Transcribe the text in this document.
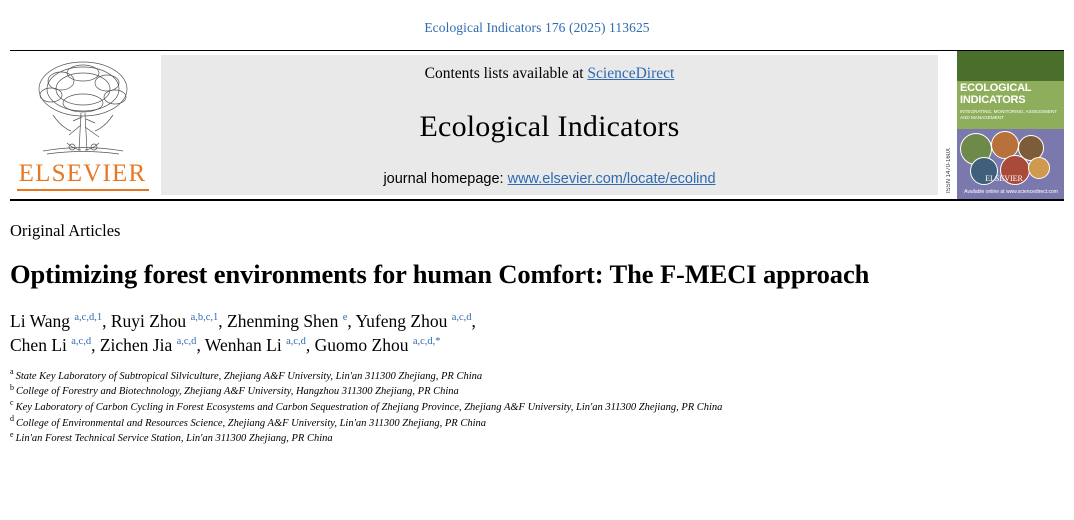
Ecological Indicators 176 (2025) 113625
ELSEVIER
Contents lists available at ScienceDirect
Ecological Indicators
journal homepage: www.elsevier.com/locate/ecolind	ISSN 1470-160X
ECOLOGICAL
INDICATORS
INTEGRATING, MONITORING, ASSESSMENT AND MANAGEMENT
Available online at www.sciencedirect.com
ELSEVIER
Original Articles
Optimizing forest environments for human Comfort: The F-MECI approach
Li Wang $^{a,c,d,1}$, Ruyi Zhou $^{a,b,c,1}$, Zhenming Shen $^e$, Yufeng Zhou $^{a,c,d}$,
Chen Li $^{a,c,d}$, Zichen Jia $^{a,c,d}$, Wenhan Li $^{a,c,d}$, Guomo Zhou $^{a,c,d,*}$
$^a$ State Key Laboratory of Subtropical Silviculture, Zhejiang A&F University, Lin'an 311300 Zhejiang, PR China
$^b$ College of Forestry and Biotechnology, Zhejiang A&F University, Hangzhou 311300 Zhejiang, PR China
$^c$ Key Laboratory of Carbon Cycling in Forest Ecosystems and Carbon Sequestration of Zhejiang Province, Zhejiang A&F University, Lin'an 311300 Zhejiang, PR China
$^d$ College of Environmental and Resources Science, Zhejiang A&F University, Lin'an 311300 Zhejiang, PR China
$^e$ Lin'an Forest Technical Service Station, Lin'an 311300 Zhejiang, PR China
